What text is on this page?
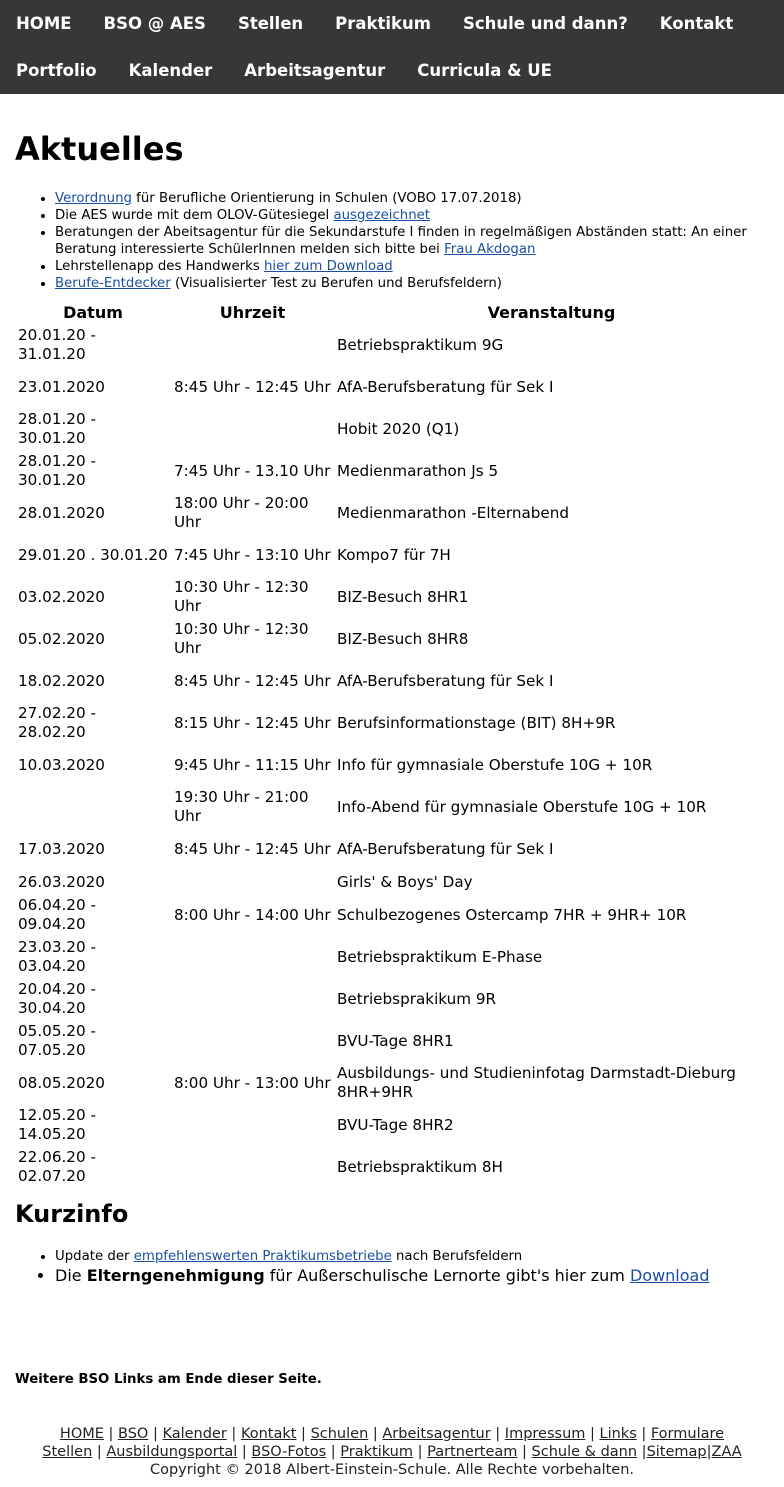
HOME BSO @ AES Stellen Praktikum Schule und dann? Kontakt
Portfolio Kalender Arbeitsagentur Curricula & UE
Aktuelles
• Verordnung für Berufliche Orientierung in Schulen (VOBO 17.07.2018)
• Die AES wurde mit dem OLOV-Gütesiegel ausgezeichnet
• Beratungen der Abeitsagentur für die Sekundarstufe I finden in regelmäßigen Abständen statt: An einer Beratung interessierte SchülerInnen melden sich bitte bei Frau Akdogan
• Lehrstellenapp des Handwerks hier zum Download
• Berufe-Entdecker (Visualisierter Test zu Berufen und Berufsfeldern)
Datum	Uhrzeit	Veranstaltung
20.01.20 - 31.01.20		Betriebspraktikum 9G
23.01.2020	8:45 Uhr - 12:45 Uhr	AfA-Berufsberatung für Sek I
28.01.20 - 30.01.20		Hobit 2020 (Q1)
28.01.20 - 30.01.20	7:45 Uhr - 13.10 Uhr	Medienmarathon Js 5
28.01.2020	18:00 Uhr - 20:00 Uhr	Medienmarathon -Elternabend
29.01.20 . 30.01.20	7:45 Uhr - 13:10 Uhr	Kompo7 für 7H
03.02.2020	10:30 Uhr - 12:30 Uhr	BIZ-Besuch 8HR1
05.02.2020	10:30 Uhr - 12:30 Uhr	BIZ-Besuch 8HR8
18.02.2020	8:45 Uhr - 12:45 Uhr	AfA-Berufsberatung für Sek I
27.02.20 - 28.02.20	8:15 Uhr - 12:45 Uhr	Berufsinformationstage (BIT) 8H+9R
10.03.2020	9:45 Uhr - 11:15 Uhr	Info für gymnasiale Oberstufe 10G + 10R
	19:30 Uhr - 21:00 Uhr	Info-Abend für gymnasiale Oberstufe 10G + 10R
17.03.2020	8:45 Uhr - 12:45 Uhr	AfA-Berufsberatung für Sek I
26.03.2020		Girls' & Boys' Day
06.04.20 - 09.04.20	8:00 Uhr - 14:00 Uhr	Schulbezogenes Ostercamp 7HR + 9HR+ 10R
23.03.20 - 03.04.20		Betriebspraktikum E-Phase
20.04.20 - 30.04.20		Betriebsprakikum 9R
05.05.20 - 07.05.20		BVU-Tage 8HR1
08.05.2020	8:00 Uhr - 13:00 Uhr	Ausbildungs- und Studieninfotag Darmstadt-Dieburg 8HR+9HR
12.05.20 - 14.05.20		BVU-Tage 8HR2
22.06.20 - 02.07.20		Betriebspraktikum 8H
Kurzinfo
• Update der empfehlenswerten Praktikumsbetriebe nach Berufsfeldern
• Die Elterngenehmigung für Außerschulische Lernorte gibt's hier zum Download
Weitere BSO Links am Ende dieser Seite.
HOME | BSO | Kalender | Kontakt | Schulen | Arbeitsagentur | Impressum | Links | Formulare
Stellen | Ausbildungsportal | BSO-Fotos | Praktikum | Partnerteam | Schule & dann |Sitemap|ZAA
Copyright © 2018 Albert-Einstein-Schule. Alle Rechte vorbehalten.
